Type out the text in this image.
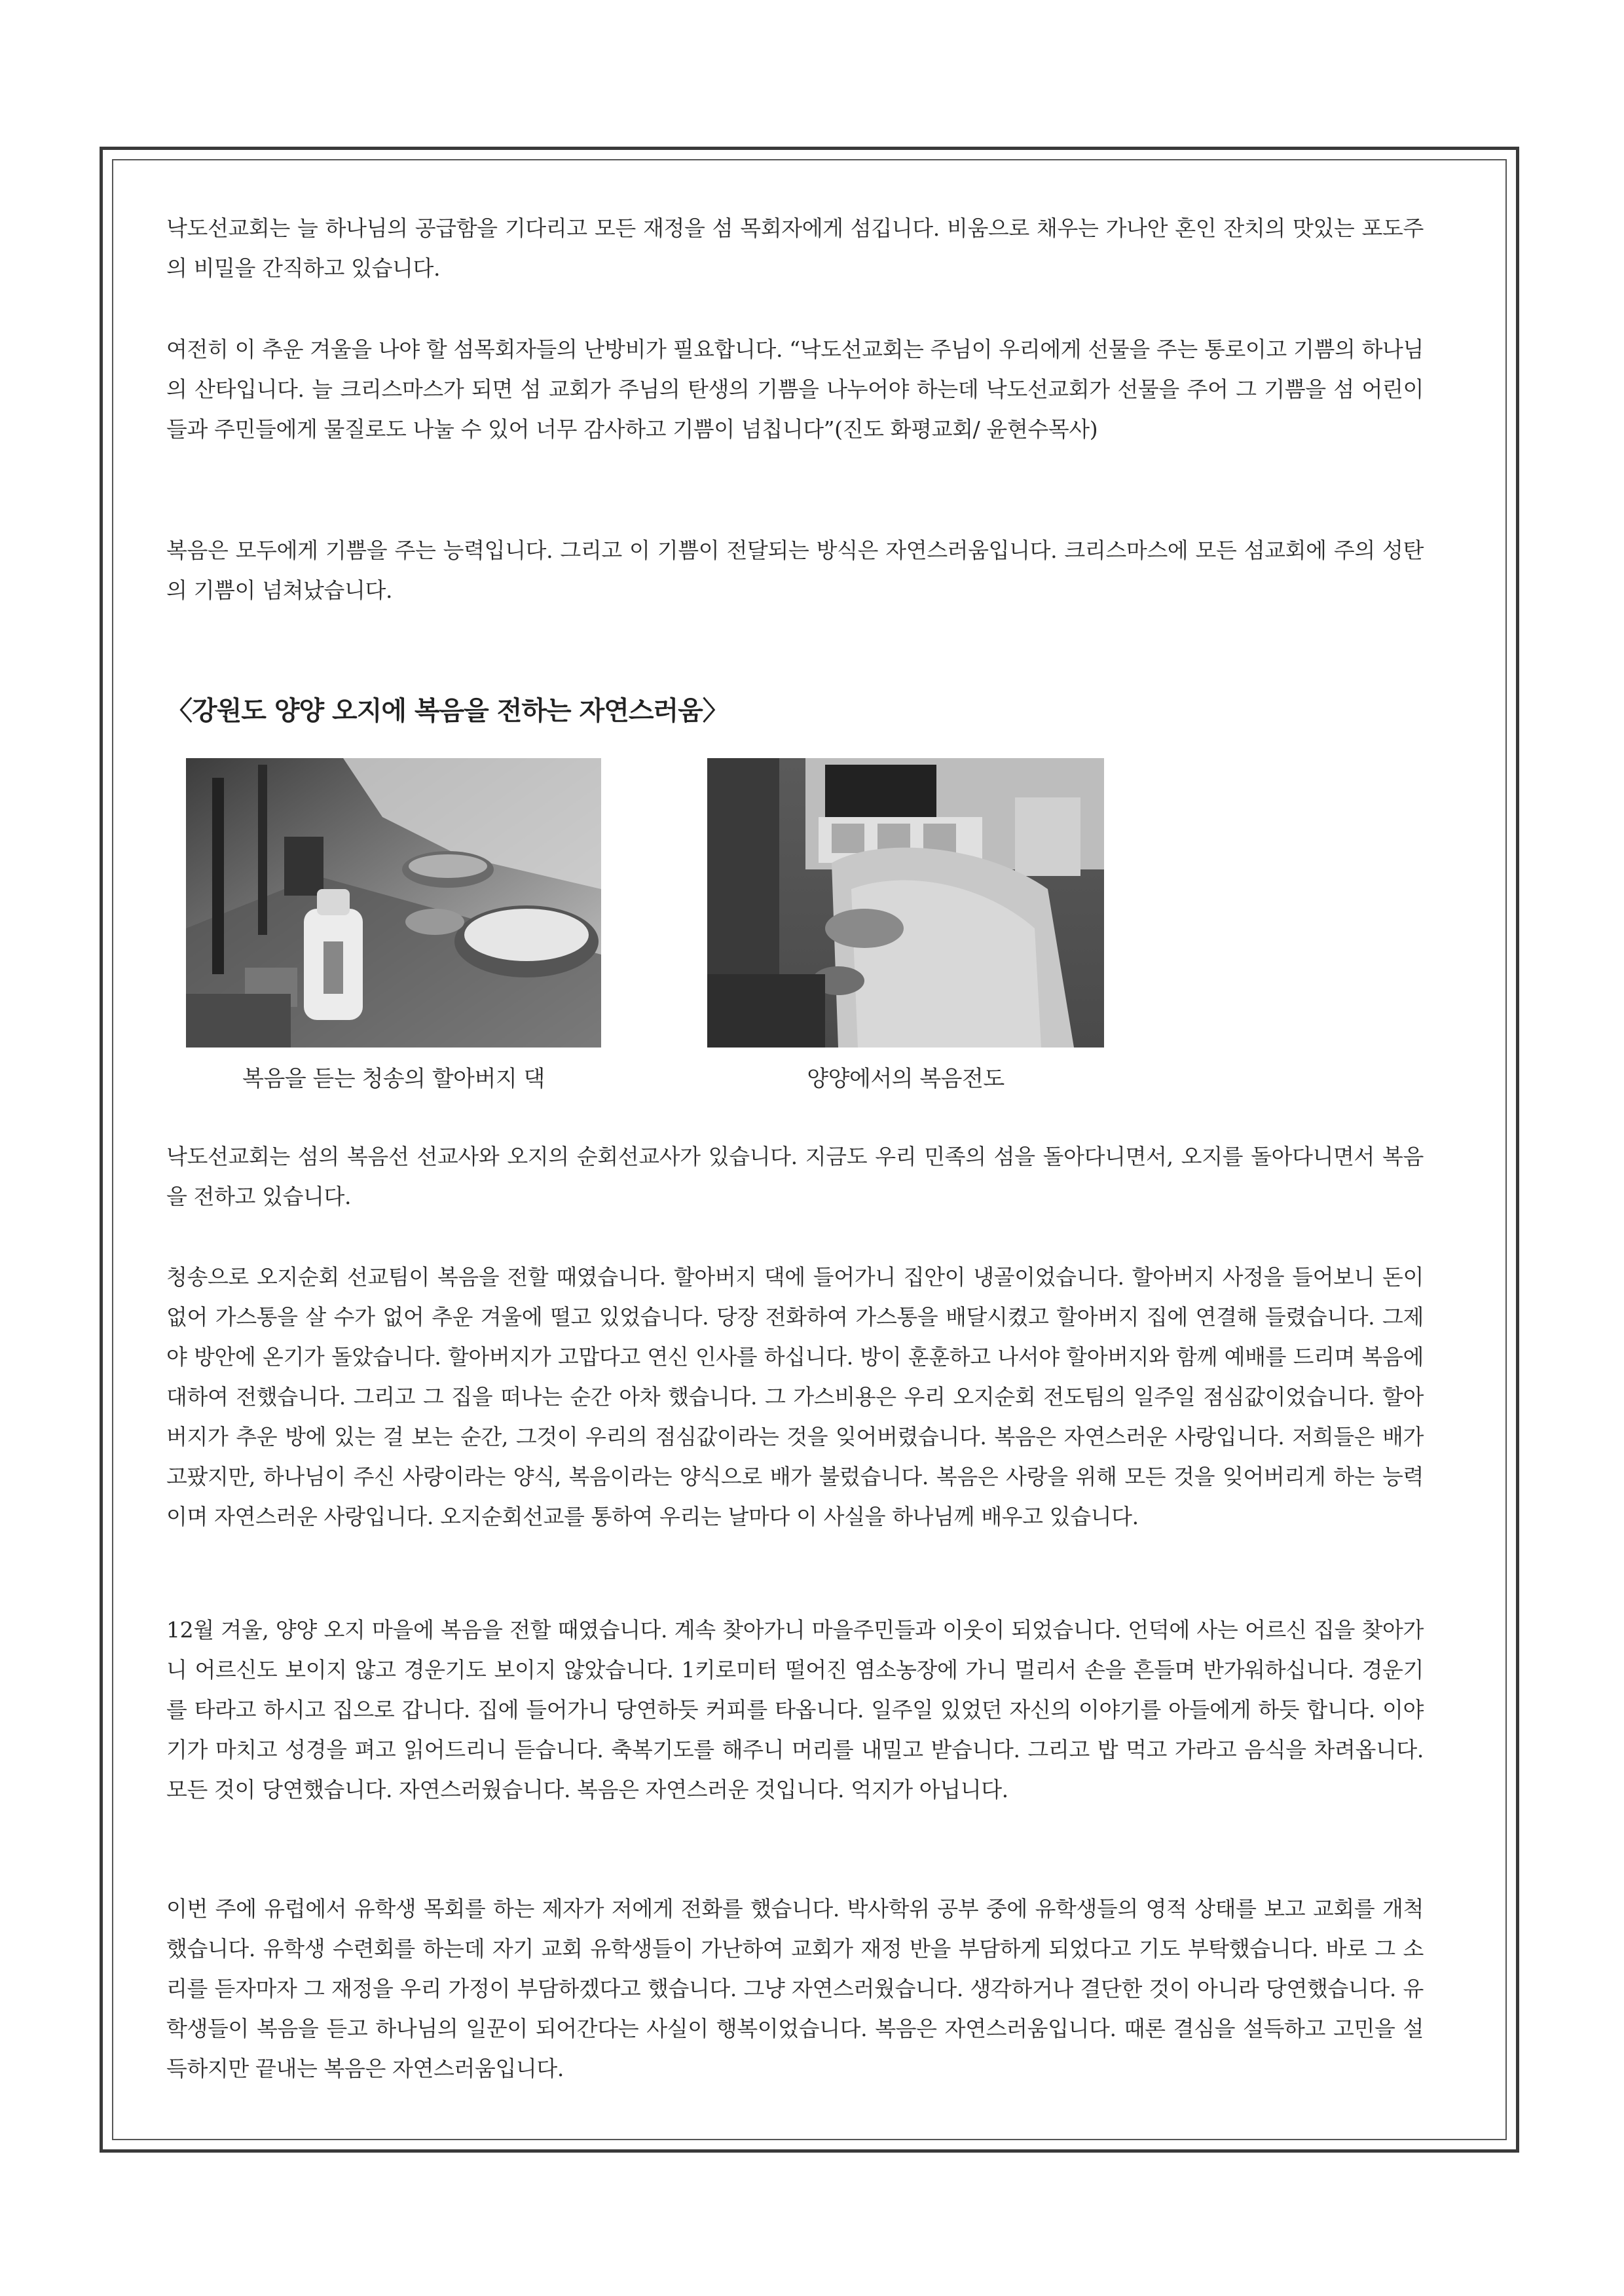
낙도선교회는 늘 하나님의 공급함을 기다리고 모든 재정을 섬 목회자에게 섬깁니다. 비움으로 채우는 가나안 혼인 잔치의 맛있는 포도주의 비밀을 간직하고 있습니다.

여전히 이 추운 겨울을 나야 할 섬목회자들의 난방비가 필요합니다. “낙도선교회는 주님이 우리에게 선물을 주는 통로이고 기쁨의 하나님의 산타입니다. 늘 크리스마스가 되면 섬 교회가 주님의 탄생의 기쁨을 나누어야 하는데 낙도선교회가 선물을 주어 그 기쁨을 섬 어린이들과 주민들에게 물질로도 나눌 수 있어 너무 감사하고 기쁨이 넘칩니다”(진도 화평교회/ 윤현수목사)

복음은 모두에게 기쁨을 주는 능력입니다. 그리고 이 기쁨이 전달되는 방식은 자연스러움입니다. 크리스마스에 모든 섬교회에 주의 성탄의 기쁨이 넘쳐났습니다.

〈강원도 양양 오지에 복음을 전하는 자연스러움〉
복음을 듣는 청송의 할아버지 댁	양양에서의 복음전도

낙도선교회는 섬의 복음선 선교사와 오지의 순회선교사가 있습니다. 지금도 우리 민족의 섬을 돌아다니면서, 오지를 돌아다니면서 복음을 전하고 있습니다.

청송으로 오지순회 선교팀이 복음을 전할 때였습니다. 할아버지 댁에 들어가니 집안이 냉골이었습니다. 할아버지 사정을 들어보니 돈이 없어 가스통을 살 수가 없어 추운 겨울에 떨고 있었습니다. 당장 전화하여 가스통을 배달시켰고 할아버지 집에 연결해 들렸습니다. 그제야 방안에 온기가 돌았습니다. 할아버지가 고맙다고 연신 인사를 하십니다. 방이 훈훈하고 나서야 할아버지와 함께 예배를 드리며 복음에 대하여 전했습니다. 그리고 그 집을 떠나는 순간 아차 했습니다. 그 가스비용은 우리 오지순회 전도팀의 일주일 점심값이었습니다. 할아버지가 추운 방에 있는 걸 보는 순간, 그것이 우리의 점심값이라는 것을 잊어버렸습니다. 복음은 자연스러운 사랑입니다. 저희들은 배가 고팠지만, 하나님이 주신 사랑이라는 양식, 복음이라는 양식으로 배가 불렀습니다. 복음은 사랑을 위해 모든 것을 잊어버리게 하는 능력이며 자연스러운 사랑입니다. 오지순회선교를 통하여 우리는 날마다 이 사실을 하나님께 배우고 있습니다.

12월 겨울, 양양 오지 마을에 복음을 전할 때였습니다. 계속 찾아가니 마을주민들과 이웃이 되었습니다. 언덕에 사는 어르신 집을 찾아가니 어르신도 보이지 않고 경운기도 보이지 않았습니다. 1키로미터 떨어진 염소농장에 가니 멀리서 손을 흔들며 반가워하십니다. 경운기를 타라고 하시고 집으로 갑니다. 집에 들어가니 당연하듯 커피를 타옵니다. 일주일 있었던 자신의 이야기를 아들에게 하듯 합니다. 이야기가 마치고 성경을 펴고 읽어드리니 듣습니다. 축복기도를 해주니 머리를 내밀고 받습니다. 그리고 밥 먹고 가라고 음식을 차려옵니다. 모든 것이 당연했습니다. 자연스러웠습니다. 복음은 자연스러운 것입니다. 억지가 아닙니다.

이번 주에 유럽에서 유학생 목회를 하는 제자가 저에게 전화를 했습니다. 박사학위 공부 중에 유학생들의 영적 상태를 보고 교회를 개척했습니다. 유학생 수련회를 하는데 자기 교회 유학생들이 가난하여 교회가 재정 반을 부담하게 되었다고 기도 부탁했습니다. 바로 그 소리를 듣자마자 그 재정을 우리 가정이 부담하겠다고 했습니다. 그냥 자연스러웠습니다. 생각하거나 결단한 것이 아니라 당연했습니다. 유학생들이 복음을 듣고 하나님의 일꾼이 되어간다는 사실이 행복이었습니다. 복음은 자연스러움입니다. 때론 결심을 설득하고 고민을 설득하지만 끝내는 복음은 자연스러움입니다.
